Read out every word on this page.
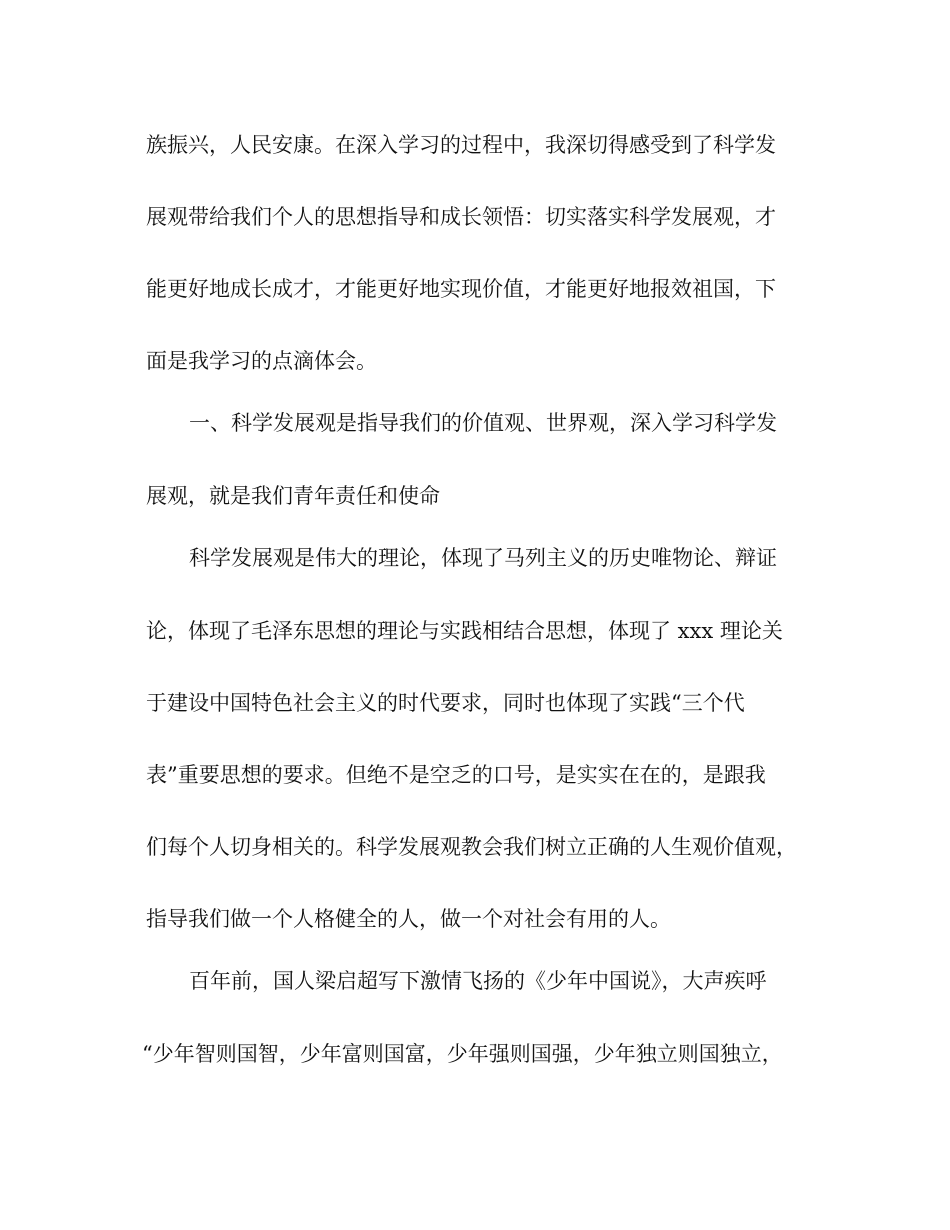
族振兴，人民安康。在深入学习的过程中，我深切得感受到了科学发
展观带给我们个人的思想指导和成长领悟：切实落实科学发展观，才
能更好地成长成才，才能更好地实现价值，才能更好地报效祖国，下
面是我学习的点滴体会。
一、科学发展观是指导我们的价值观、世界观，深入学习科学发
展观，就是我们青年责任和使命
科学发展观是伟大的理论，体现了马列主义的历史唯物论、辩证
论，体现了毛泽东思想的理论与实践相结合思想，体现了 xxx 理论关
于建设中国特色社会主义的时代要求，同时也体现了实践“三个代
表”重要思想的要求。但绝不是空乏的口号，是实实在在的，是跟我
们每个人切身相关的。科学发展观教会我们树立正确的人生观价值观，
指导我们做一个人格健全的人，做一个对社会有用的人。
百年前，国人梁启超写下激情飞扬的《少年中国说》，大声疾呼
“少年智则国智，少年富则国富，少年强则国强，少年独立则国独立，
